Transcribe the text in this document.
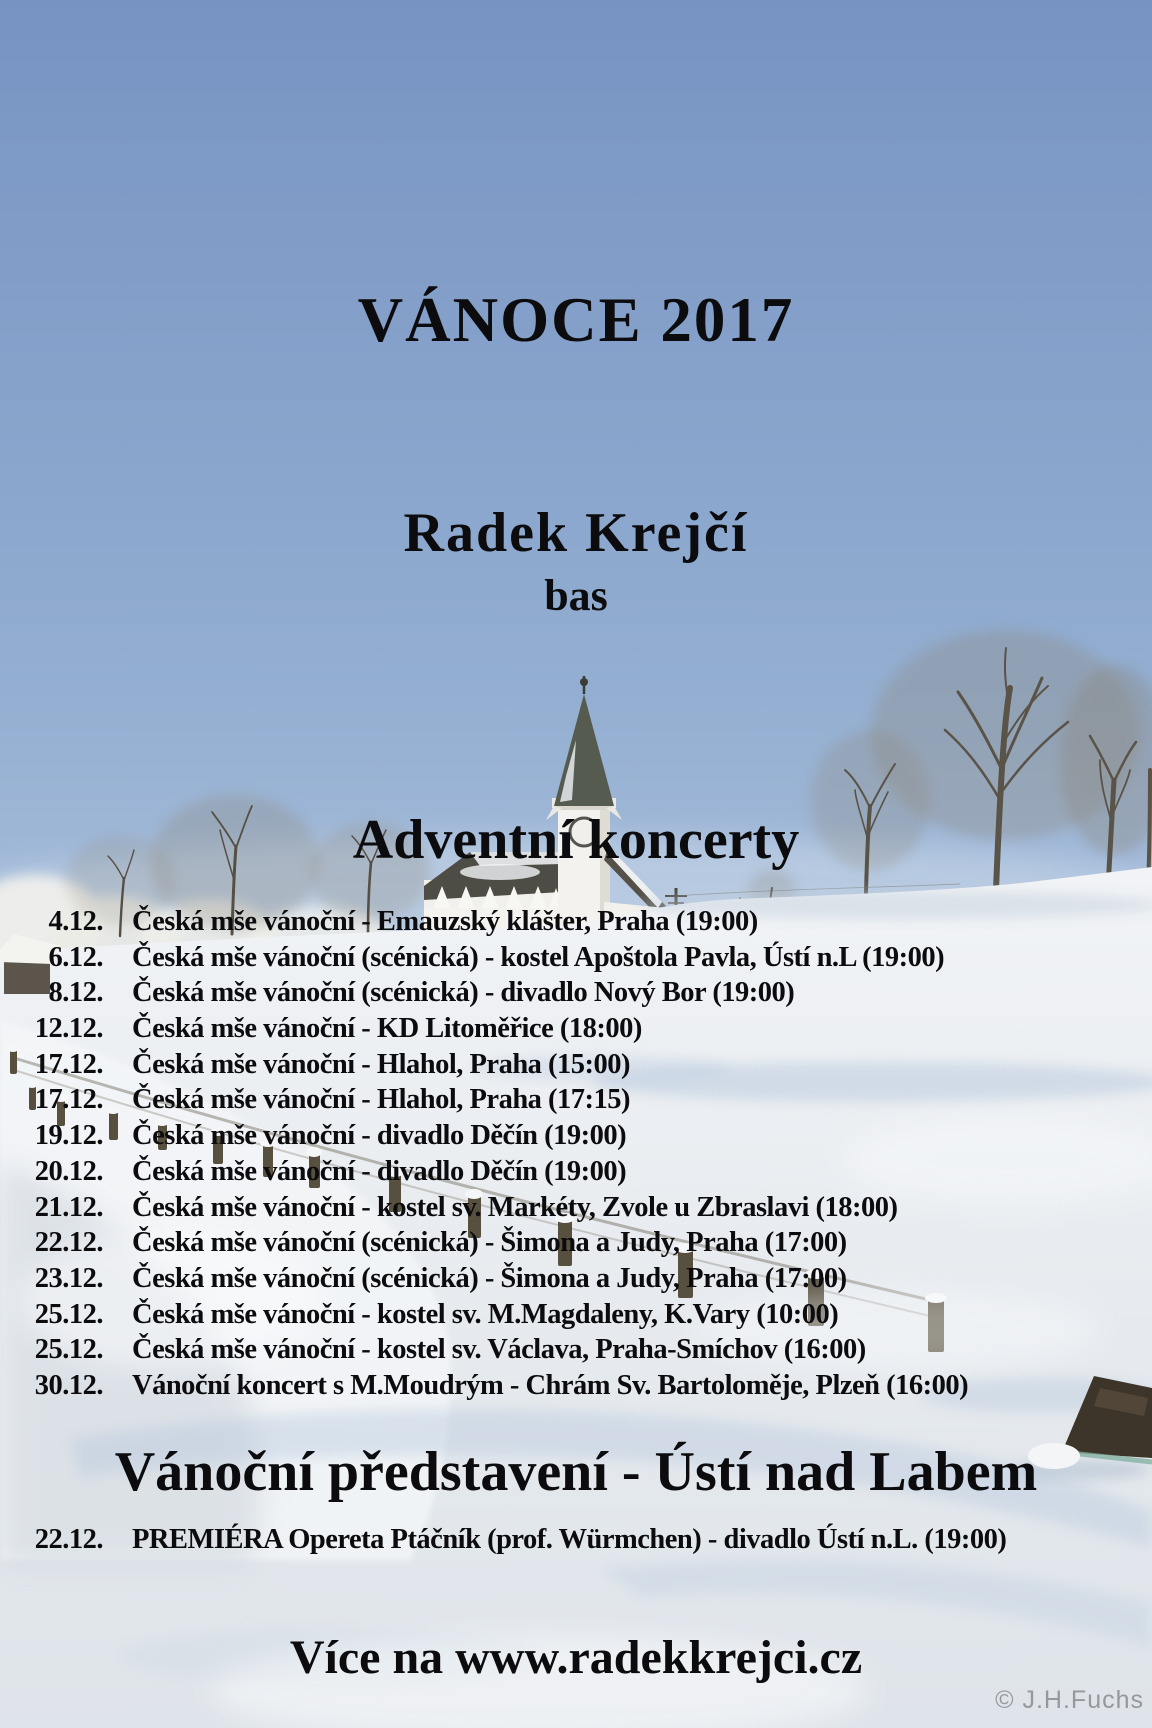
VÁNOCE 2017
Radek Krejčí
bas
Adventní koncerty
4.12. Česká mše vánoční - Emauzský klášter, Praha (19:00)
6.12. Česká mše vánoční (scénická) - kostel Apoštola Pavla, Ústí n.L (19:00)
8.12. Česká mše vánoční (scénická) - divadlo Nový Bor (19:00)
12.12. Česká mše vánoční - KD Litoměřice (18:00)
17.12. Česká mše vánoční - Hlahol, Praha (15:00)
17.12. Česká mše vánoční - Hlahol, Praha (17:15)
19.12. Česká mše vánoční - divadlo Děčín (19:00)
20.12. Česká mše vánoční - divadlo Děčín (19:00)
21.12. Česká mše vánoční - kostel sv. Markéty, Zvole u Zbraslavi (18:00)
22.12. Česká mše vánoční (scénická) - Šimona a Judy, Praha (17:00)
23.12. Česká mše vánoční (scénická) - Šimona a Judy, Praha (17:00)
25.12. Česká mše vánoční - kostel sv. M.Magdaleny, K.Vary (10:00)
25.12. Česká mše vánoční - kostel sv. Václava, Praha-Smíchov (16:00)
30.12. Vánoční koncert s M.Moudrým - Chrám Sv. Bartoloměje, Plzeň (16:00)
Vánoční představení - Ústí nad Labem
22.12. PREMIÉRA Opereta Ptáčník (prof. Würmchen) - divadlo Ústí n.L. (19:00)
Více na www.radekkrejci.cz
© J.H.Fuchs
